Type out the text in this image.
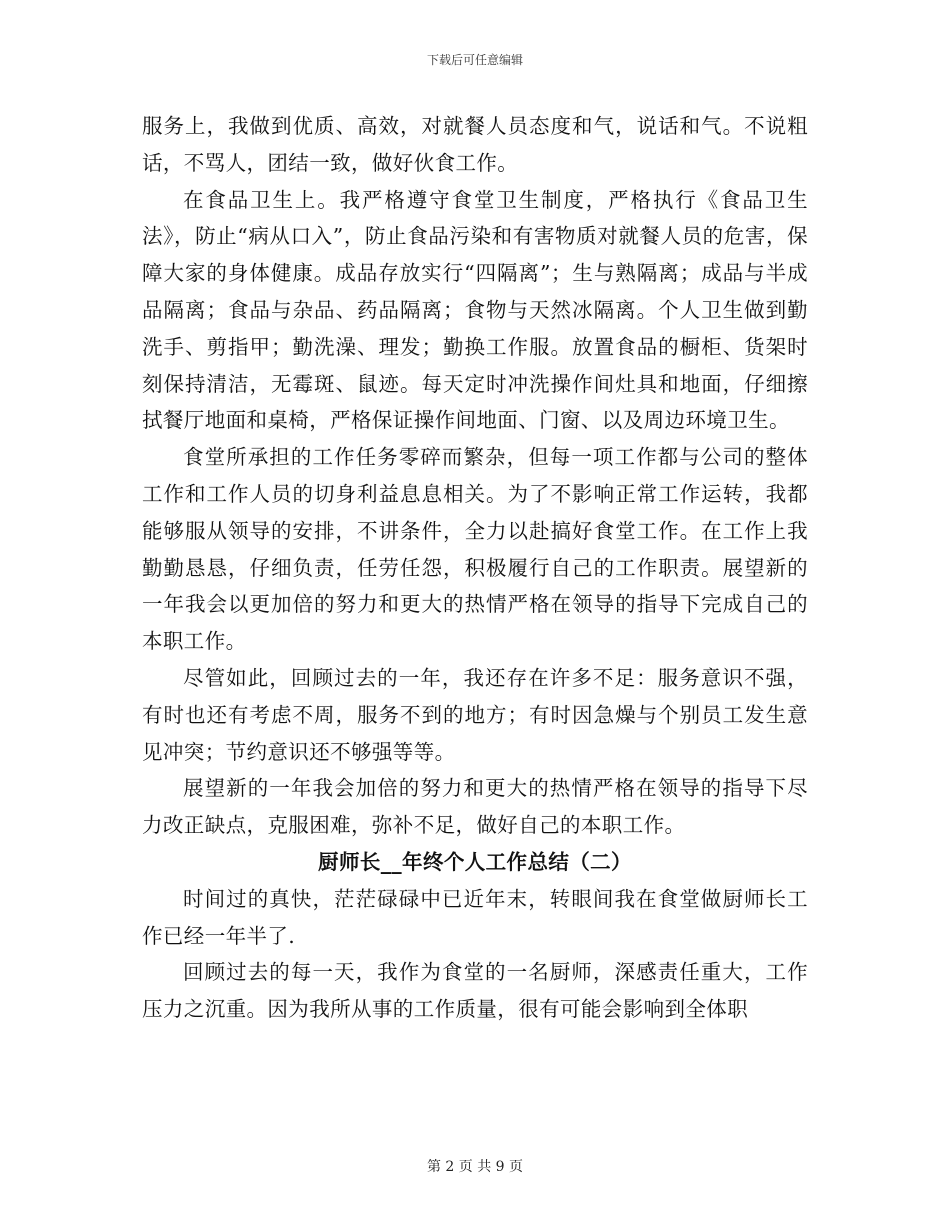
下载后可任意编辑

服务上，我做到优质、高效，对就餐人员态度和气，说话和气。不说粗话，不骂人，团结一致，做好伙食工作。

在食品卫生上。我严格遵守食堂卫生制度，严格执行《食品卫生法》，防止“病从口入”，防止食品污染和有害物质对就餐人员的危害，保障大家的身体健康。成品存放实行“四隔离”；生与熟隔离；成品与半成品隔离；食品与杂品、药品隔离；食物与天然冰隔离。个人卫生做到勤洗手、剪指甲；勤洗澡、理发；勤换工作服。放置食品的橱柜、货架时刻保持清洁，无霉斑、鼠迹。每天定时冲洗操作间灶具和地面，仔细擦拭餐厅地面和桌椅，严格保证操作间地面、门窗、以及周边环境卫生。

食堂所承担的工作任务零碎而繁杂，但每一项工作都与公司的整体工作和工作人员的切身利益息息相关。为了不影响正常工作运转，我都能够服从领导的安排，不讲条件，全力以赴搞好食堂工作。在工作上我勤勤恳恳，仔细负责，任劳任怨，积极履行自己的工作职责。展望新的一年我会以更加倍的努力和更大的热情严格在领导的指导下完成自己的本职工作。

尽管如此，回顾过去的一年，我还存在许多不足：服务意识不强，有时也还有考虑不周，服务不到的地方；有时因急燥与个别员工发生意见冲突；节约意识还不够强等等。

展望新的一年我会加倍的努力和更大的热情严格在领导的指导下尽力改正缺点，克服困难，弥补不足，做好自己的本职工作。

厨师长__年终个人工作总结（二）

时间过的真快，茫茫碌碌中已近年末，转眼间我在食堂做厨师长工作已经一年半了.

回顾过去的每一天，我作为食堂的一名厨师，深感责任重大，工作压力之沉重。因为我所从事的工作质量，很有可能会影响到全体职

第 2 页 共 9 页
